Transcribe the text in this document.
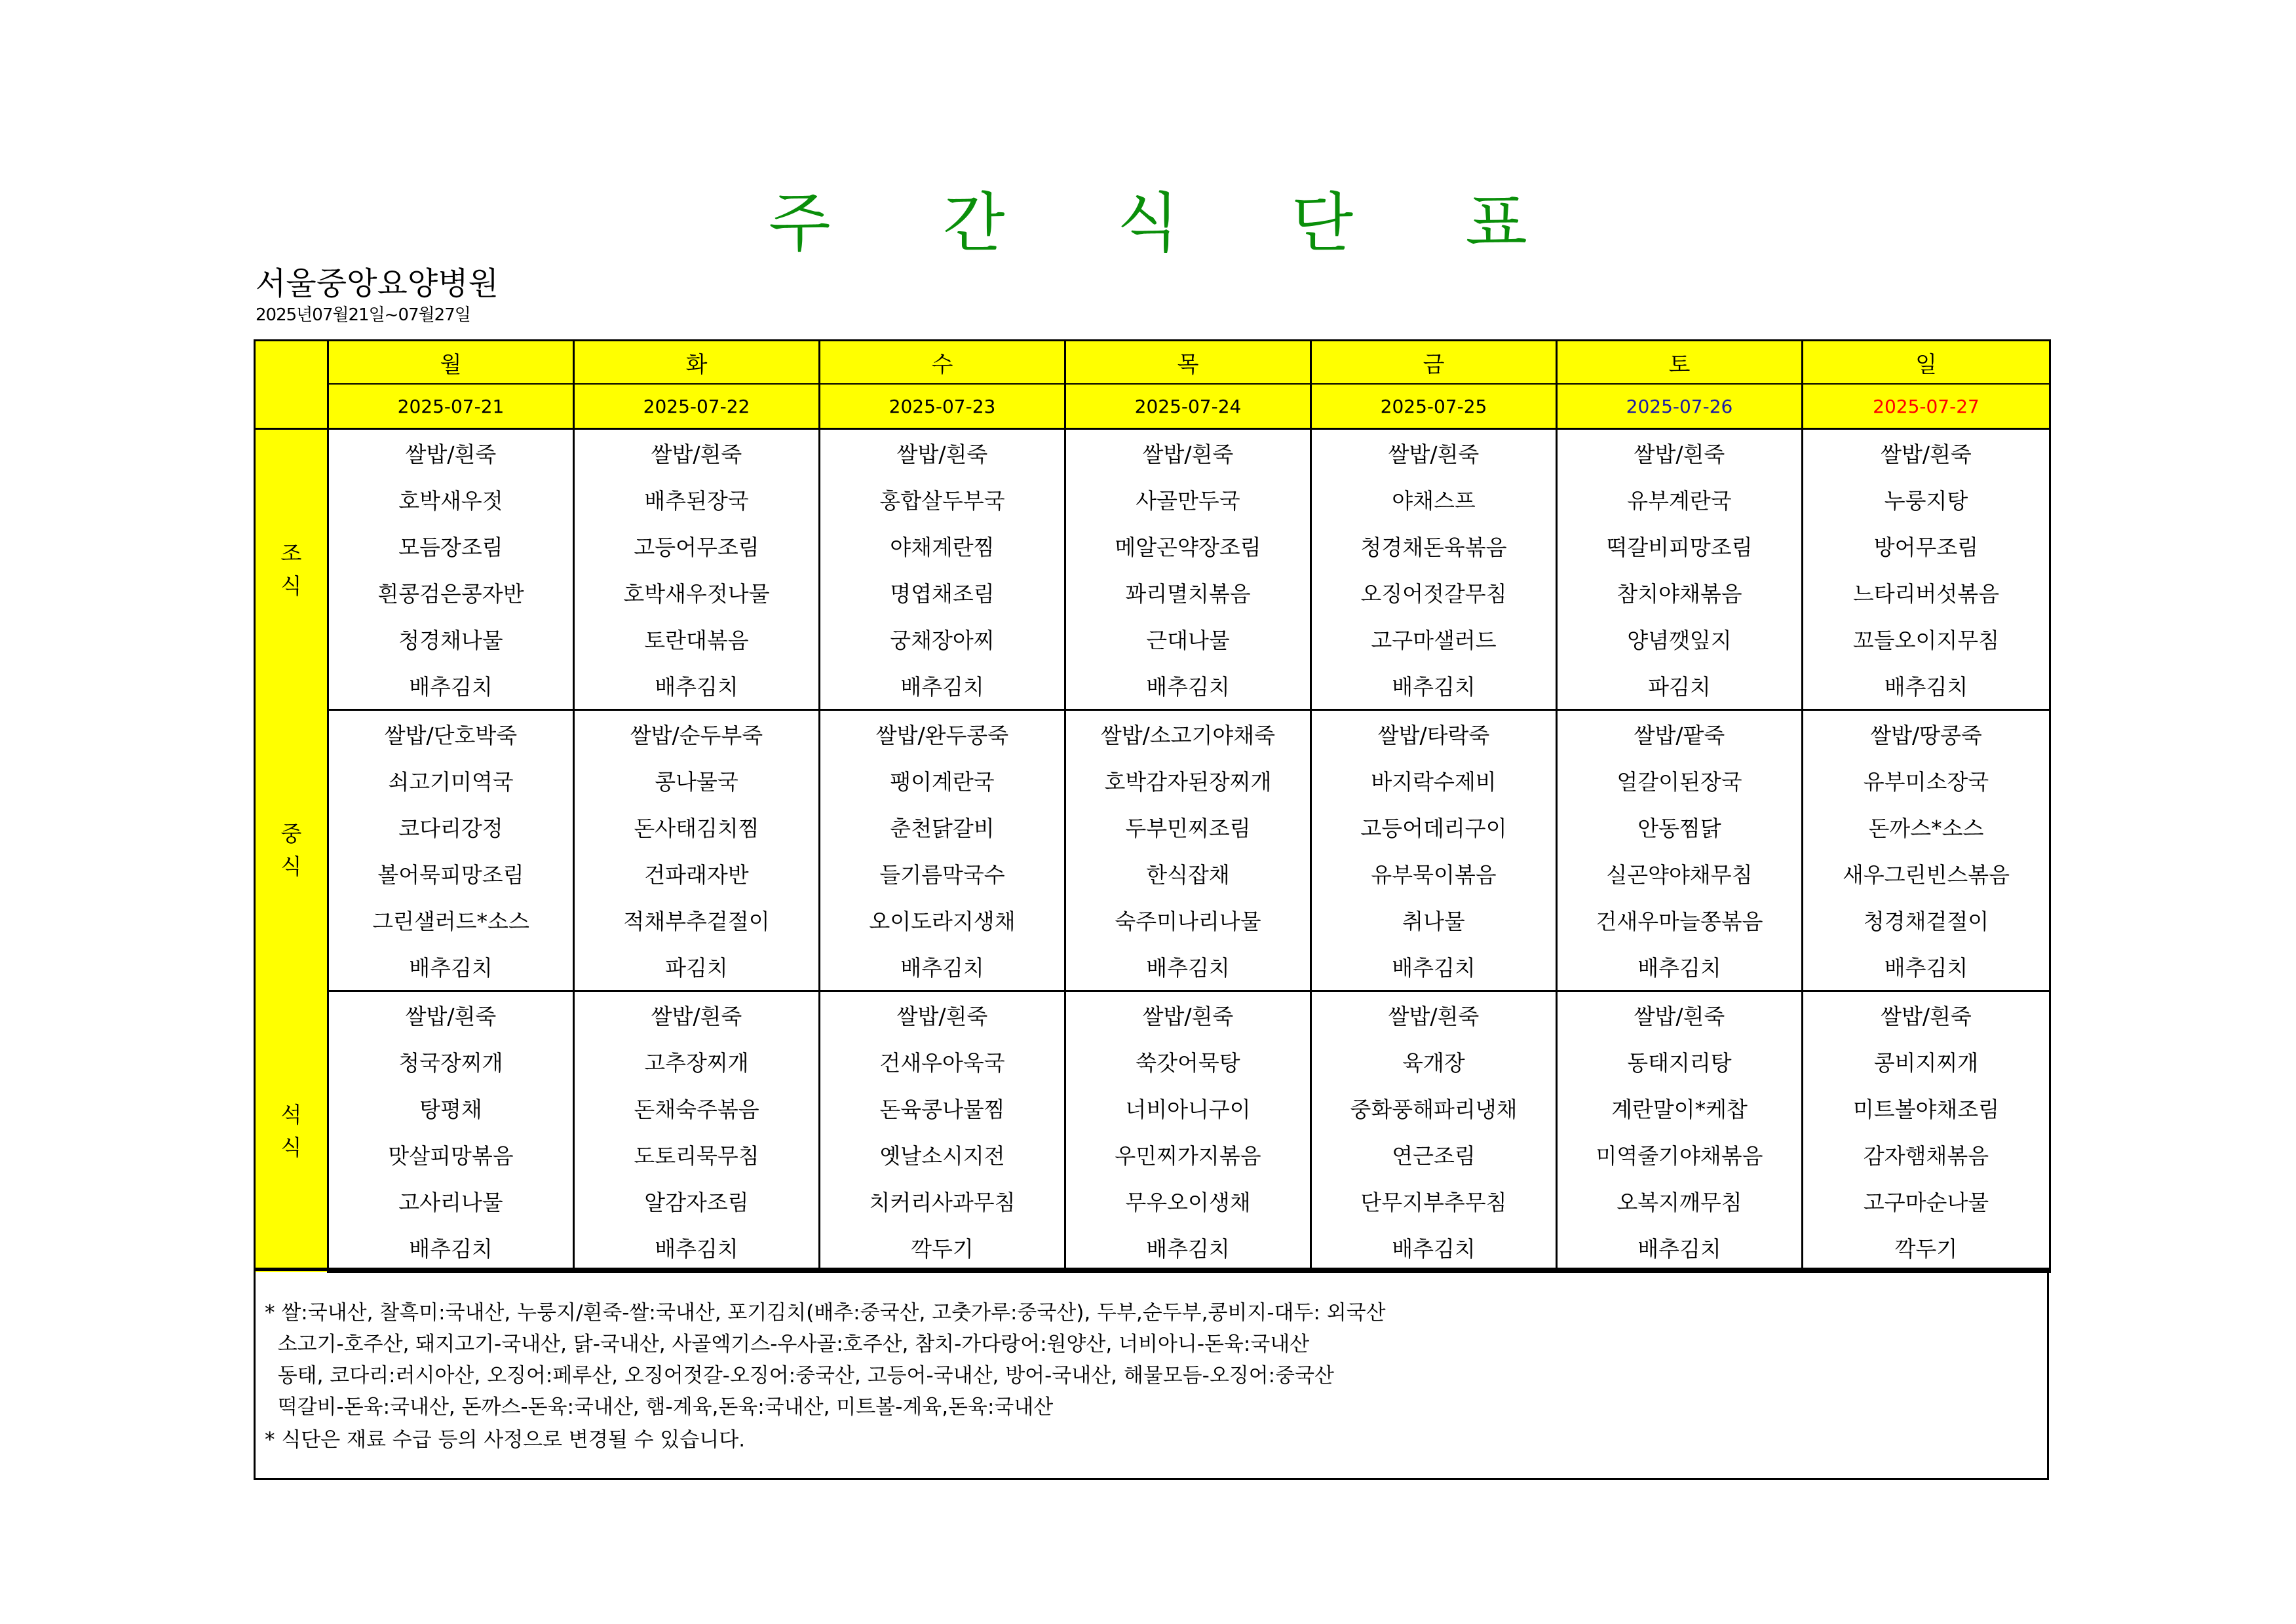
주 간 식 단 표
서울중앙요양병원
2025년07월21일~07월27일
	월	화	수	목	금	토	일
	2025-07-21	2025-07-22	2025-07-23	2025-07-24	2025-07-25	2025-07-26	2025-07-27

조
식	쌀밥/흰죽	쌀밥/흰죽	쌀밥/흰죽	쌀밥/흰죽	쌀밥/흰죽	쌀밥/흰죽	쌀밥/흰죽
	호박새우젓	배추된장국	홍합살두부국	사골만두국	야채스프	유부계란국	누룽지탕
	모듬장조림	고등어무조림	야채계란찜	메알곤약장조림	청경채돈육볶음	떡갈비피망조림	방어무조림
	흰콩검은콩자반	호박새우젓나물	명엽채조림	꽈리멸치볶음	오징어젓갈무침	참치야채볶음	느타리버섯볶음
	청경채나물	토란대볶음	궁채장아찌	근대나물	고구마샐러드	양념깻잎지	꼬들오이지무침
	배추김치	배추김치	배추김치	배추김치	배추김치	파김치	배추김치

중
식	쌀밥/단호박죽	쌀밥/순두부죽	쌀밥/완두콩죽	쌀밥/소고기야채죽	쌀밥/타락죽	쌀밥/팥죽	쌀밥/땅콩죽
	쇠고기미역국	콩나물국	팽이계란국	호박감자된장찌개	바지락수제비	얼갈이된장국	유부미소장국
	코다리강정	돈사태김치찜	춘천닭갈비	두부민찌조림	고등어데리구이	안동찜닭	돈까스*소스
	볼어묵피망조림	건파래자반	들기름막국수	한식잡채	유부묵이볶음	실곤약야채무침	새우그린빈스볶음
	그린샐러드*소스	적채부추겉절이	오이도라지생채	숙주미나리나물	취나물	건새우마늘쫑볶음	청경채겉절이
	배추김치	파김치	배추김치	배추김치	배추김치	배추김치	배추김치

석
식	쌀밥/흰죽	쌀밥/흰죽	쌀밥/흰죽	쌀밥/흰죽	쌀밥/흰죽	쌀밥/흰죽	쌀밥/흰죽
	청국장찌개	고추장찌개	건새우아욱국	쑥갓어묵탕	육개장	동태지리탕	콩비지찌개
	탕평채	돈채숙주볶음	돈육콩나물찜	너비아니구이	중화풍해파리냉채	계란말이*케찹	미트볼야채조림
	맛살피망볶음	도토리묵무침	옛날소시지전	우민찌가지볶음	연근조림	미역줄기야채볶음	감자햄채볶음
	고사리나물	알감자조림	치커리사과무침	무우오이생채	단무지부추무침	오복지깨무침	고구마순나물
	배추김치	배추김치	깍두기	배추김치	배추김치	배추김치	깍두기
* 쌀:국내산, 찰흑미:국내산, 누룽지/흰죽-쌀:국내산, 포기김치(배추:중국산, 고춧가루:중국산), 두부,순두부,콩비지-대두: 외국산
소고기-호주산, 돼지고기-국내산, 닭-국내산, 사골엑기스-우사골:호주산, 참치-가다랑어:원양산, 너비아니-돈육:국내산
동태, 코다리:러시아산, 오징어:페루산, 오징어젓갈-오징어:중국산, 고등어-국내산, 방어-국내산, 해물모듬-오징어:중국산
떡갈비-돈육:국내산, 돈까스-돈육:국내산, 햄-계육,돈육:국내산, 미트볼-계육,돈육:국내산
* 식단은 재료 수급 등의 사정으로 변경될 수 있습니다.
